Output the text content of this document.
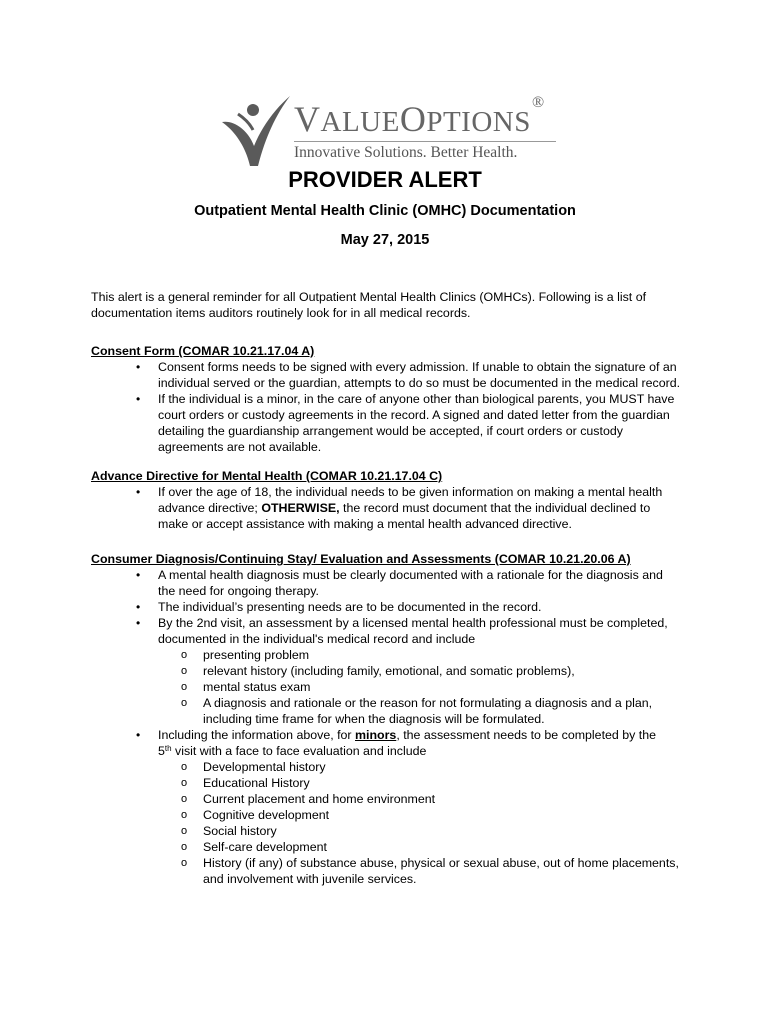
VALUEOPTIONS
®
Innovative Solutions. Better Health.
PROVIDER ALERT
Outpatient Mental Health Clinic (OMHC) Documentation
May 27, 2015

This alert is a general reminder for all Outpatient Mental Health Clinics (OMHCs). Following is a list of documentation items auditors routinely look for in all medical records.

Consent Form (COMAR 10.21.17.04 A)
• Consent forms needs to be signed with every admission. If unable to obtain the signature of an individual served or the guardian, attempts to do so must be documented in the medical record.
• If the individual is a minor, in the care of anyone other than biological parents, you MUST have court orders or custody agreements in the record. A signed and dated letter from the guardian detailing the guardianship arrangement would be accepted, if court orders or custody agreements are not available.
Advance Directive for Mental Health (COMAR 10.21.17.04 C)
• If over the age of 18, the individual needs to be given information on making a mental health advance directive; OTHERWISE, the record must document that the individual declined to make or accept assistance with making a mental health advanced directive.
Consumer Diagnosis/Continuing Stay/ Evaluation and Assessments (COMAR 10.21.20.06 A)
• A mental health diagnosis must be clearly documented with a rationale for the diagnosis and the need for ongoing therapy.
• The individual’s presenting needs are to be documented in the record.
• By the 2nd visit, an assessment by a licensed mental health professional must be completed, documented in the individual's medical record and include
o presenting problem
o relevant history (including family, emotional, and somatic problems),
o mental status exam
o A diagnosis and rationale or the reason for not formulating a diagnosis and a plan, including time frame for when the diagnosis will be formulated.
• Including the information above, for minors, the assessment needs to be completed by the
5th visit with a face to face evaluation and include
o Developmental history
o Educational History
o Current placement and home environment
o Cognitive development
o Social history
o Self-care development
o History (if any) of substance abuse, physical or sexual abuse, out of home placements, and involvement with juvenile services.
